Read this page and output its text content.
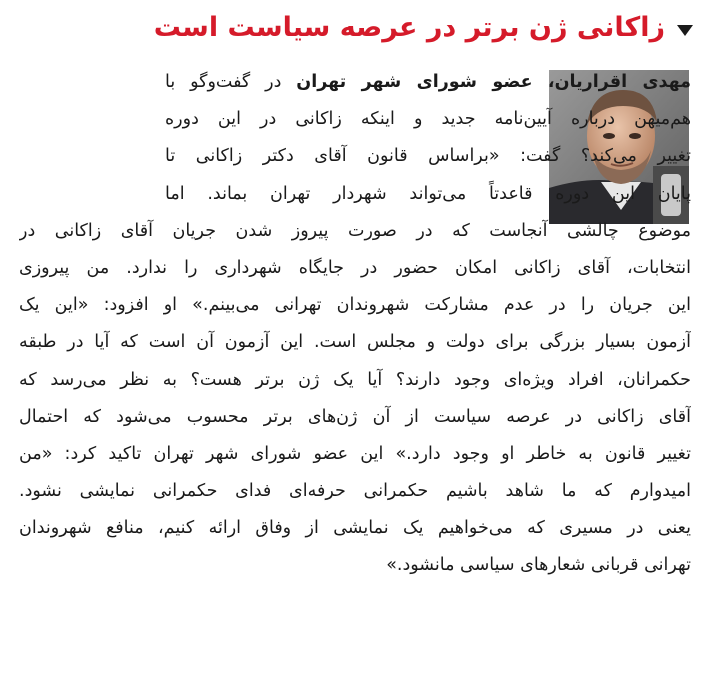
زاکانی ژن برتر در عرصه سیاست است
مهدی اقراریان، عضو شورای شهر تهران در گفت‌وگو با
هم‌میهن درباره آیین‌نامه جدید و اینکه زاکانی در این دوره
تغییر می‌کند؟ گفت: «براساس قانون آقای دکتر زاکانی تا
پایان این دوره قاعدتاً می‌تواند شهردار تهران بماند. اما
موضوع چالشی آنجاست که در صورت پیروز شدن جریان آقای زاکانی در
انتخابات، آقای زاکانی امکان حضور در جایگاه شهرداری را ندارد. من پیروزی
این جریان را در عدم مشارکت شهروندان تهرانی می‌بینم.» او افزود: «این یک
آزمون بسیار بزرگی برای دولت و مجلس است. این آزمون آن است که آیا در طبقه
حکمرانان، افراد ویژه‌ای وجود دارند؟ آیا یک ژن برتر هست؟ به نظر می‌رسد که
آقای زاکانی در عرصه سیاست از آن ژن‌های برتر محسوب می‌شود که احتمال
تغییر قانون به خاطر او وجود دارد.» این عضو شورای شهر تهران تاکید کرد: «من
امیدوارم که ما شاهد باشیم حکمرانی حرفه‌ای فدای حکمرانی نمایشی نشود.
یعنی در مسیری که می‌خواهیم یک نمایشی از وفاق ارائه کنیم، منافع شهروندان
تهرانی قربانی شعارهای سیاسی مانشود.»
